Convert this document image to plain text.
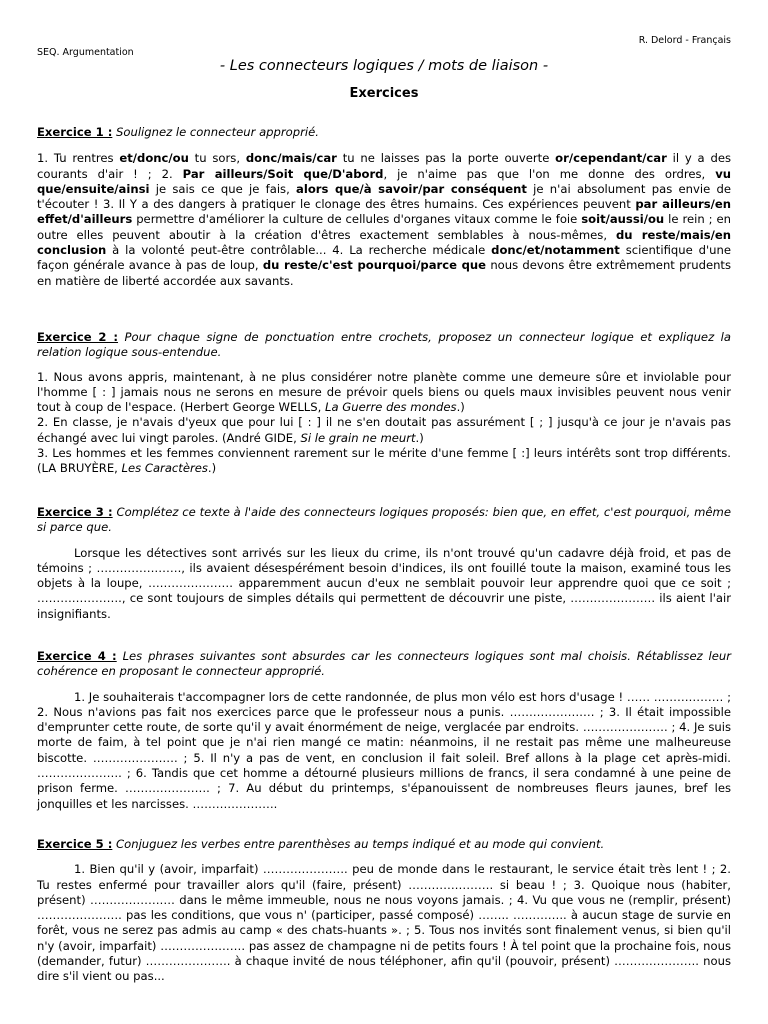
R. Delord - Français
SEQ. Argumentation
- Les connecteurs logiques / mots de liaison -
Exercices
Exercice 1 : Soulignez le connecteur approprié.
1. Tu rentres et/donc/ou tu sors, donc/mais/car tu ne laisses pas la porte ouverte or/cependant/car il y a des courants d'air ! ; 2. Par ailleurs/Soit que/D'abord, je n'aime pas que l'on me donne des ordres, vu que/ensuite/ainsi je sais ce que je fais, alors que/à savoir/par conséquent je n'ai absolument pas envie de t'écouter ! 3. Il Y a des dangers à pratiquer le clonage des êtres humains. Ces expériences peuvent par ailleurs/en effet/d'ailleurs permettre d'améliorer la culture de cellules d'organes vitaux comme le foie soit/aussi/ou le rein ; en outre elles peuvent aboutir à la création d'êtres exactement semblables à nous-mêmes, du reste/mais/en conclusion à la volonté peut-être contrôlable... 4. La recherche médicale donc/et/notamment scientifique d'une façon générale avance à pas de loup, du reste/c'est pourquoi/parce que nous devons être extrêmement prudents en matière de liberté accordée aux savants.
Exercice 2 : Pour chaque signe de ponctuation entre crochets, proposez un connecteur logique et expliquez la relation logique sous-entendue.
1. Nous avons appris, maintenant, à ne plus considérer notre planète comme une demeure sûre et inviolable pour l'homme [ : ] jamais nous ne serons en mesure de prévoir quels biens ou quels maux invisibles peuvent nous venir tout à coup de l'espace. (Herbert George WELLS, La Guerre des mondes.)
2. En classe, je n'avais d'yeux que pour lui [ : ] il ne s'en doutait pas assurément [ ; ] jusqu'à ce jour je n'avais pas échangé avec lui vingt paroles. (André GIDE, Si le grain ne meurt.)
3. Les hommes et les femmes conviennent rarement sur le mérite d'une femme [ :] leurs intérêts sont trop différents. (LA BRUYÈRE, Les Caractères.)
Exercice 3 : Complétez ce texte à l'aide des connecteurs logiques proposés: bien que, en effet, c'est pourquoi, même si parce que.
Lorsque les détectives sont arrivés sur les lieux du crime, ils n'ont trouvé qu'un cadavre déjà froid, et pas de témoins ; …………………., ils avaient désespérément besoin d'indices, ils ont fouillé toute la maison, examiné tous les objets à la loupe, …………………. apparemment aucun d'eux ne semblait pouvoir leur apprendre quoi que ce soit ; …………………., ce sont toujours de simples détails qui permettent de découvrir une piste, …………………. ils aient l'air insignifiants.
Exercice 4 : Les phrases suivantes sont absurdes car les connecteurs logiques sont mal choisis. Rétablissez leur cohérence en proposant le connecteur approprié.
1. Je souhaiterais t'accompagner lors de cette randonnée, de plus mon vélo est hors d'usage ! …… ……………… ; 2. Nous n'avions pas fait nos exercices parce que le professeur nous a punis. …………………. ; 3. Il était impossible d'emprunter cette route, de sorte qu'il y avait énormément de neige, verglacée par endroits. …………………. ; 4. Je suis morte de faim, à tel point que je n'ai rien mangé ce matin: néanmoins, il ne restait pas même une malheureuse biscotte. …………………. ; 5. Il n'y a pas de vent, en conclusion il fait soleil. Bref allons à la plage cet après-midi. …………………. ; 6. Tandis que cet homme a détourné plusieurs millions de francs, il sera condamné à une peine de prison ferme. …………………. ; 7. Au début du printemps, s'épanouissent de nombreuses fleurs jaunes, bref les jonquilles et les narcisses. ………………….
Exercice 5 : Conjuguez les verbes entre parenthèses au temps indiqué et au mode qui convient.
1. Bien qu'il y (avoir, imparfait) …………………. peu de monde dans le restaurant, le service était très lent ! ; 2. Tu restes enfermé pour travailler alors qu'il (faire, présent) …………………. si beau ! ; 3. Quoique nous (habiter, présent) …………………. dans le même immeuble, nous ne nous voyons jamais. ; 4. Vu que vous ne (remplir, présent) …………………. pas les conditions, que vous n' (participer, passé composé) …….. ………….. à aucun stage de survie en forêt, vous ne serez pas admis au camp « des chats-huants ». ; 5. Tous nos invités sont finalement venus, si bien qu'il n'y (avoir, imparfait) …………………. pas assez de champagne ni de petits fours ! À tel point que la prochaine fois, nous (demander, futur) …………………. à chaque invité de nous téléphoner, afin qu'il (pouvoir, présent) …………………. nous dire s'il vient ou pas...
